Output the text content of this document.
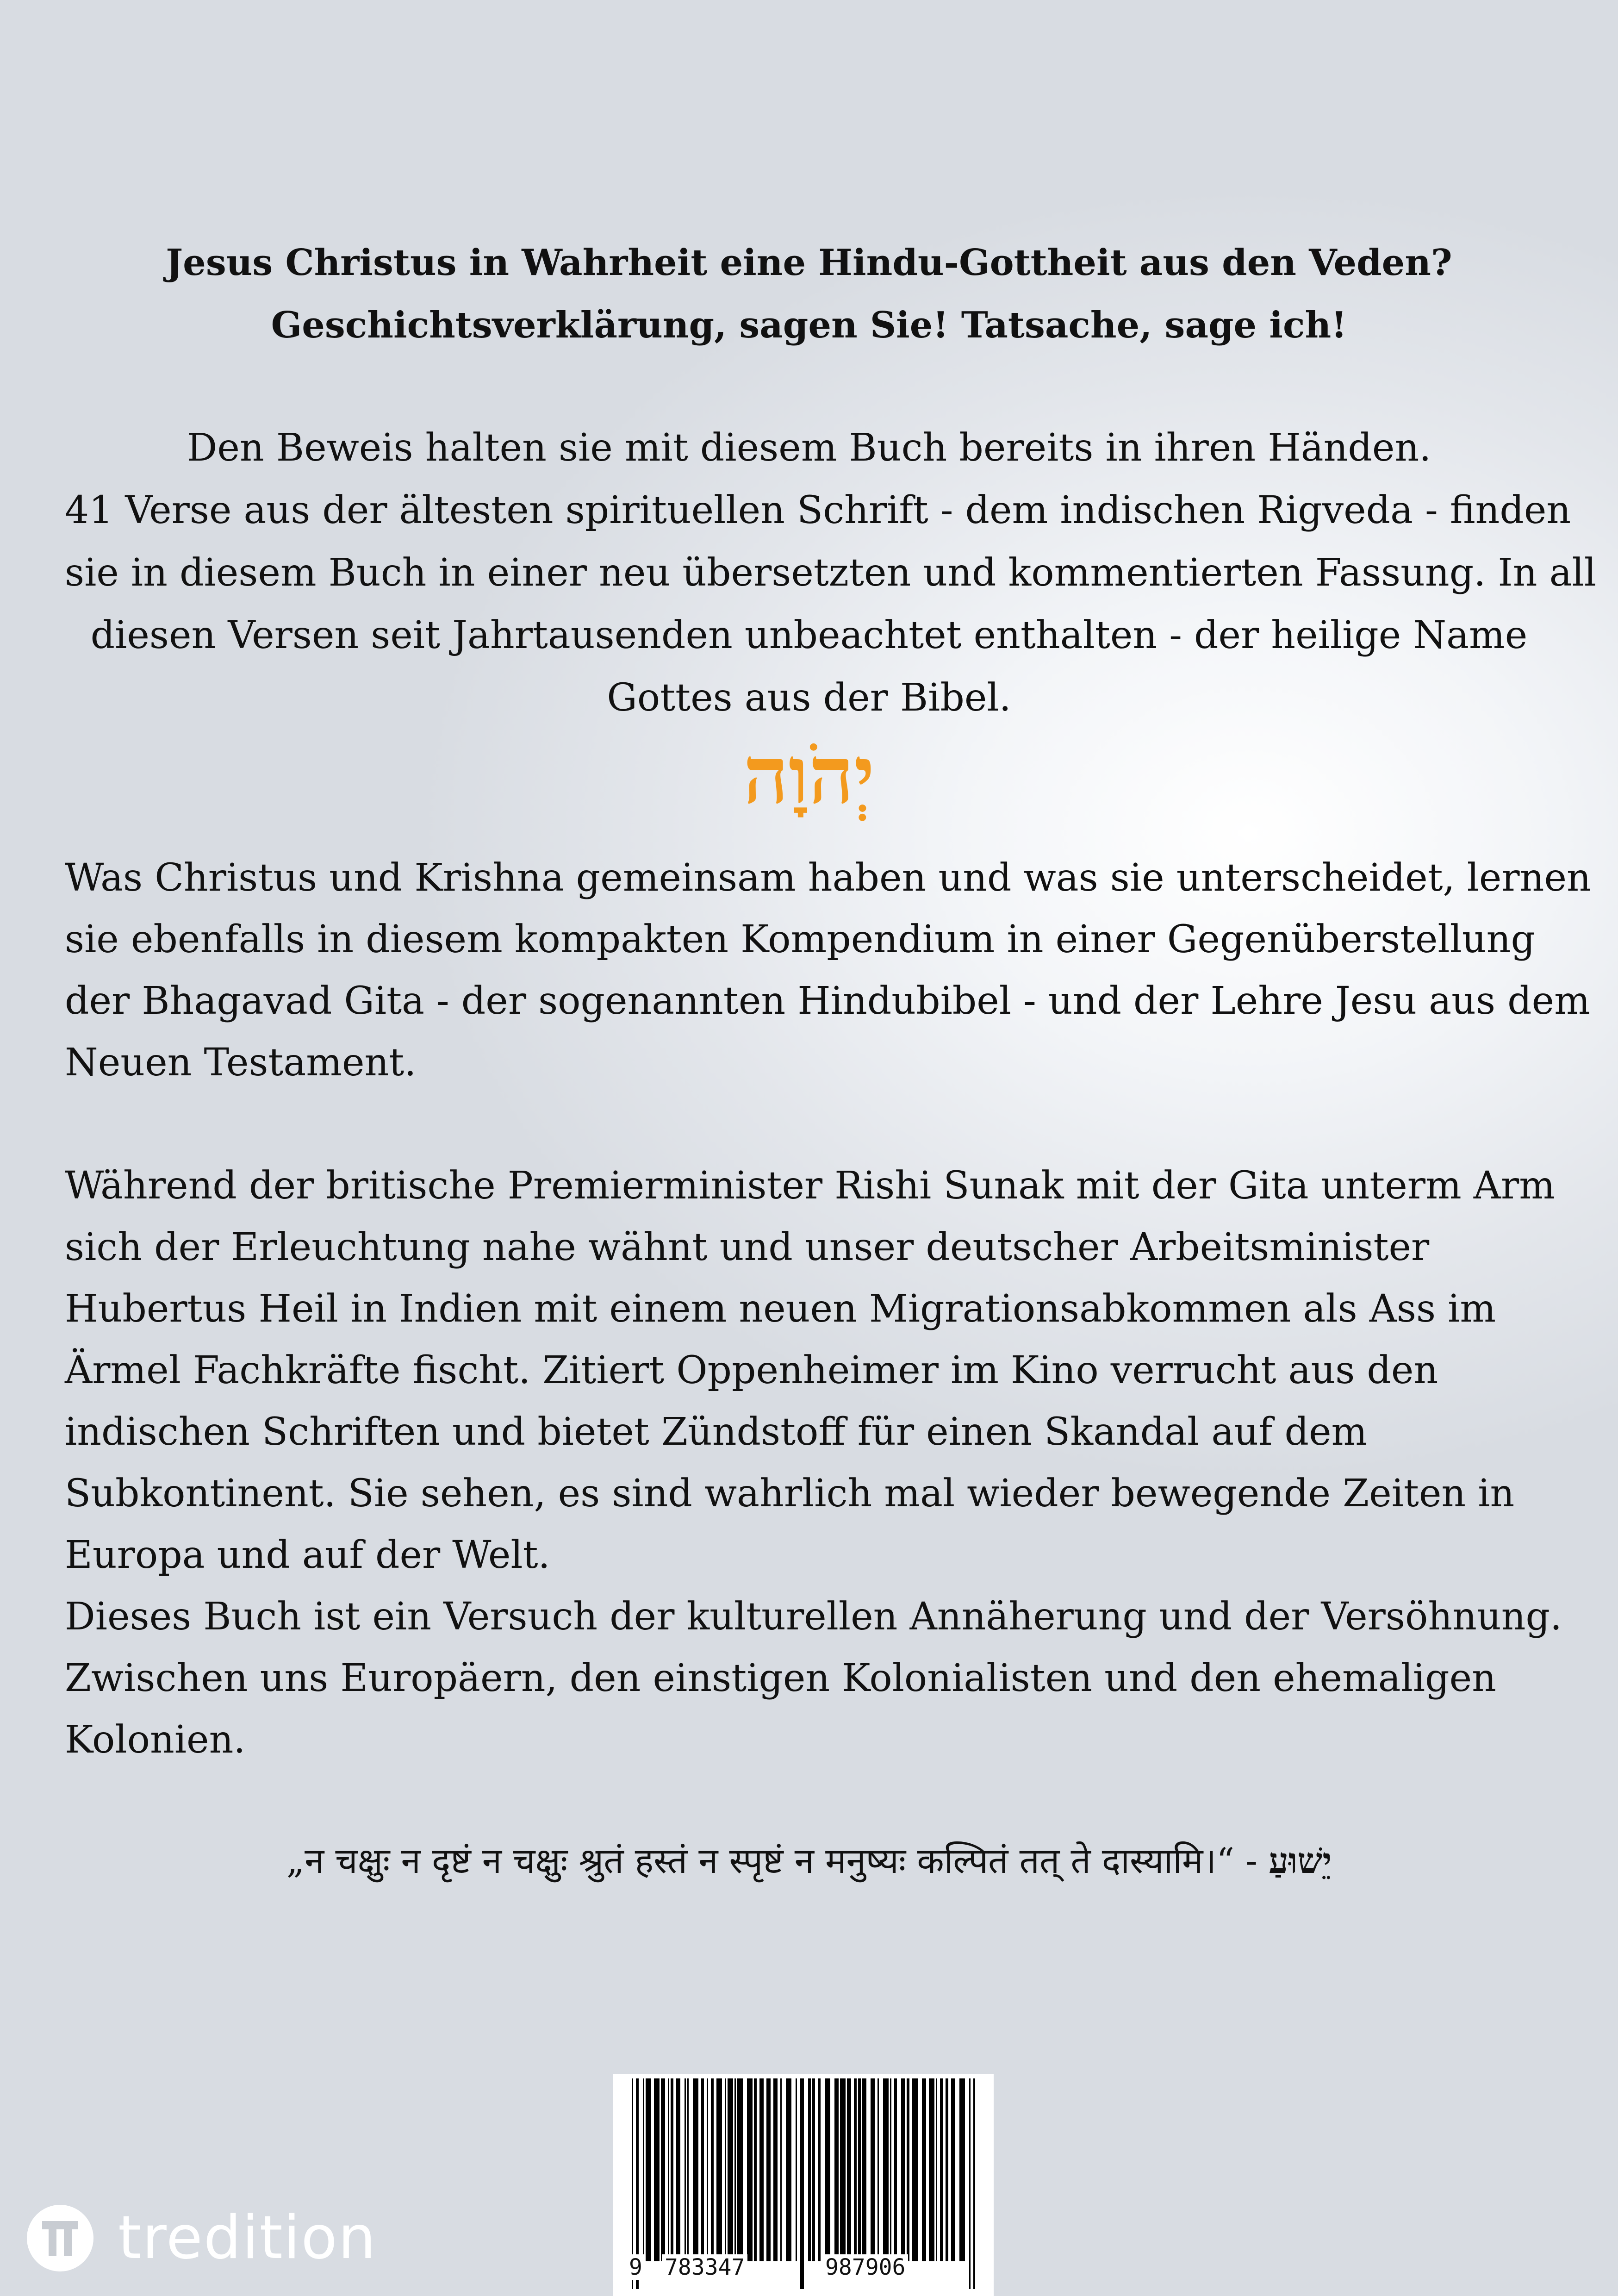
Jesus Christus in Wahrheit eine Hindu-Gottheit aus den Veden?
Geschichtsverklärung, sagen Sie! Tatsache, sage ich!
Den Beweis halten sie mit diesem Buch bereits in ihren Händen.
41 Verse aus der ältesten spirituellen Schrift - dem indischen Rigveda - finden
sie in diesem Buch in einer neu übersetzten und kommentierten Fassung. In all
diesen Versen seit Jahrtausenden unbeachtet enthalten - der heilige Name
Gottes aus der Bibel.
יְהֹוָה
Was Christus und Krishna gemeinsam haben und was sie unterscheidet, lernen
sie ebenfalls in diesem kompakten Kompendium in einer Gegenüberstellung
der Bhagavad Gita - der sogenannten Hindubibel - und der Lehre Jesu aus dem
Neuen Testament.
Während der britische Premierminister Rishi Sunak mit der Gita unterm Arm
sich der Erleuchtung nahe wähnt und unser deutscher Arbeitsminister
Hubertus Heil in Indien mit einem neuen Migrationsabkommen als Ass im
Ärmel Fachkräfte fischt. Zitiert Oppenheimer im Kino verrucht aus den
indischen Schriften und bietet Zündstoff für einen Skandal auf dem
Subkontinent. Sie sehen, es sind wahrlich mal wieder bewegende Zeiten in
Europa und auf der Welt.
Dieses Buch ist ein Versuch der kulturellen Annäherung und der Versöhnung.
Zwischen uns Europäern, den einstigen Kolonialisten und den ehemaligen
Kolonien.
„न चक्षुः न दृष्टं न चक्षुः श्रुतं हस्तं न स्पृष्टं न मनुष्यः कल्पितं तत् ते दास्यामि।“ - יֵשׁוּעַ
9 783347	987906
tredition
